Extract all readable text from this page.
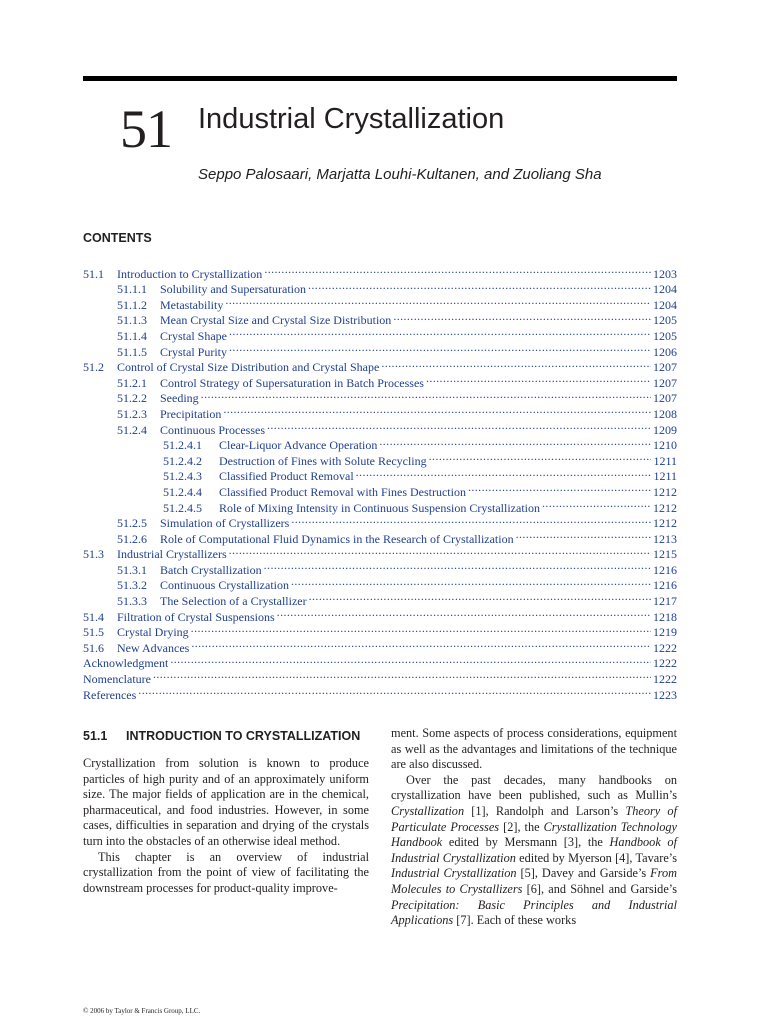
51 Industrial Crystallization
Seppo Palosaari, Marjatta Louhi-Kultanen, and Zuoliang Sha
CONTENTS
51.1	Introduction to Crystallization .....	1203
51.1.1	Solubility and Supersaturation .....	1204
51.1.2	Metastability .....	1204
51.1.3	Mean Crystal Size and Crystal Size Distribution .....	1205
51.1.4	Crystal Shape .....	1205
51.1.5	Crystal Purity .....	1206
51.2	Control of Crystal Size Distribution and Crystal Shape .....	1207
51.2.1	Control Strategy of Supersaturation in Batch Processes .....	1207
51.2.2	Seeding .....	1207
51.2.3	Precipitation .....	1208
51.2.4	Continuous Processes .....	1209
51.2.4.1	Clear-Liquor Advance Operation .....	1210
51.2.4.2	Destruction of Fines with Solute Recycling .....	1211
51.2.4.3	Classified Product Removal .....	1211
51.2.4.4	Classified Product Removal with Fines Destruction .....	1212
51.2.4.5	Role of Mixing Intensity in Continuous Suspension Crystallization .....	1212
51.2.5	Simulation of Crystallizers .....	1212
51.2.6	Role of Computational Fluid Dynamics in the Research of Crystallization .....	1213
51.3	Industrial Crystallizers .....	1215
51.3.1	Batch Crystallization .....	1216
51.3.2	Continuous Crystallization .....	1216
51.3.3	The Selection of a Crystallizer .....	1217
51.4	Filtration of Crystal Suspensions .....	1218
51.5	Crystal Drying .....	1219
51.6	New Advances .....	1222
Acknowledgment .....	1222
Nomenclature .....	1222
References .....	1223
51.1	INTRODUCTION TO CRYSTALLIZATION

Crystallization from solution is known to produce particles of high purity and of an approximately uniform size. The major fields of application are in the chemical, pharmaceutical, and food industries. However, in some cases, difficulties in separation and drying of the crystals turn into the obstacles of an otherwise ideal method.

This chapter is an overview of industrial crystallization from the point of view of facilitating the downstream processes for product-quality improve-

ment. Some aspects of process considerations, equipment as well as the advantages and limitations of the technique are also discussed.

Over the past decades, many handbooks on crystallization have been published, such as Mullin’s Crystallization [1], Randolph and Larson’s Theory of Particulate Processes [2], the Crystallization Technology Handbook edited by Mersmann [3], the Handbook of Industrial Crystallization edited by Myerson [4], Tavare’s Industrial Crystallization [5], Davey and Garside’s From Molecules to Crystallizers [6], and Söhnel and Garside’s Precipitation: Basic Principles and Industrial Applications [7]. Each of these works

© 2006 by Taylor & Francis Group, LLC.
